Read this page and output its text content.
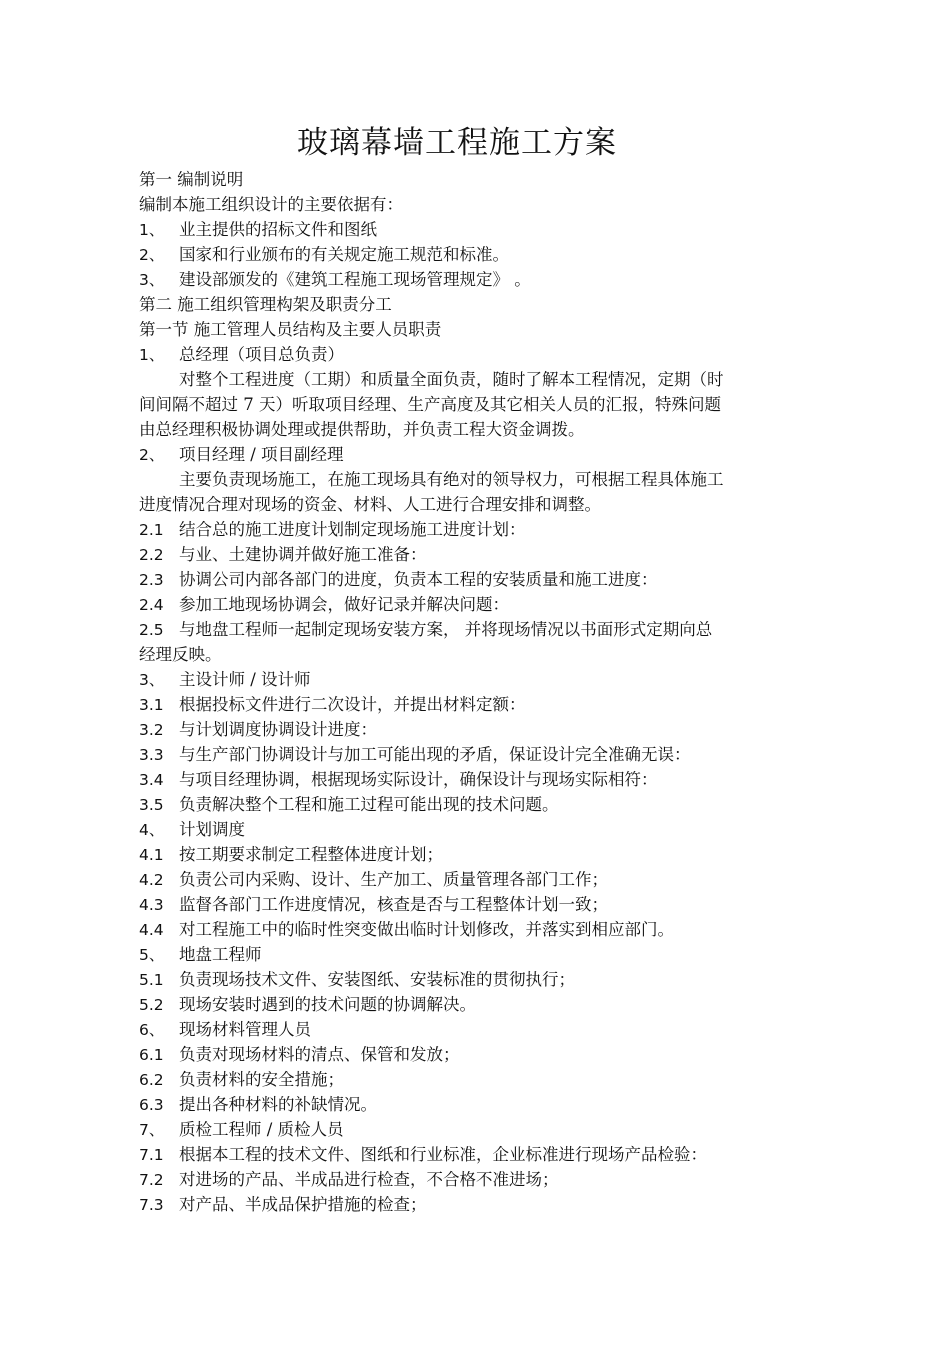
玻璃幕墙工程施工方案
第一 编制说明
编制本施工组织设计的主要依据有：
1、 业主提供的招标文件和图纸
2、 国家和行业颁布的有关规定施工规范和标准。
3、 建设部颁发的《建筑工程施工现场管理规定》 。
第二 施工组织管理构架及职责分工
第一节 施工管理人员结构及主要人员职责
1、 总经理（项目总负责）
对整个工程进度（工期）和质量全面负责，随时了解本工程情况，定期（时
间间隔不超过 7 天）听取项目经理、生产高度及其它相关人员的汇报，特殊问题
由总经理积极协调处理或提供帮助，并负责工程大资金调拨。
2、 项目经理 / 项目副经理
主要负责现场施工，在施工现场具有绝对的领导权力，可根据工程具体施工
进度情况合理对现场的资金、材料、人工进行合理安排和调整。
2.1 结合总的施工进度计划制定现场施工进度计划：
2.2 与业、土建协调并做好施工准备：
2.3 协调公司内部各部门的进度，负责本工程的安装质量和施工进度：
2.4 参加工地现场协调会，做好记录并解决问题：
2.5 与地盘工程师一起制定现场安装方案， 并将现场情况以书面形式定期向总
经理反映。
3、 主设计师 / 设计师
3.1 根据投标文件进行二次设计，并提出材料定额：
3.2 与计划调度协调设计进度：
3.3 与生产部门协调设计与加工可能出现的矛盾，保证设计完全准确无误：
3.4 与项目经理协调，根据现场实际设计，确保设计与现场实际相符：
3.5 负责解决整个工程和施工过程可能出现的技术问题。
4、 计划调度
4.1 按工期要求制定工程整体进度计划；
4.2 负责公司内采购、设计、生产加工、质量管理各部门工作；
4.3 监督各部门工作进度情况，核查是否与工程整体计划一致；
4.4 对工程施工中的临时性突变做出临时计划修改，并落实到相应部门。
5、 地盘工程师
5.1 负责现场技术文件、安装图纸、安装标准的贯彻执行；
5.2 现场安装时遇到的技术问题的协调解决。
6、 现场材料管理人员
6.1 负责对现场材料的清点、保管和发放；
6.2 负责材料的安全措施；
6.3 提出各种材料的补缺情况。
7、 质检工程师 / 质检人员
7.1 根据本工程的技术文件、图纸和行业标准，企业标准进行现场产品检验：
7.2 对进场的产品、半成品进行检查，不合格不准进场；
7.3 对产品、半成品保护措施的检查；
